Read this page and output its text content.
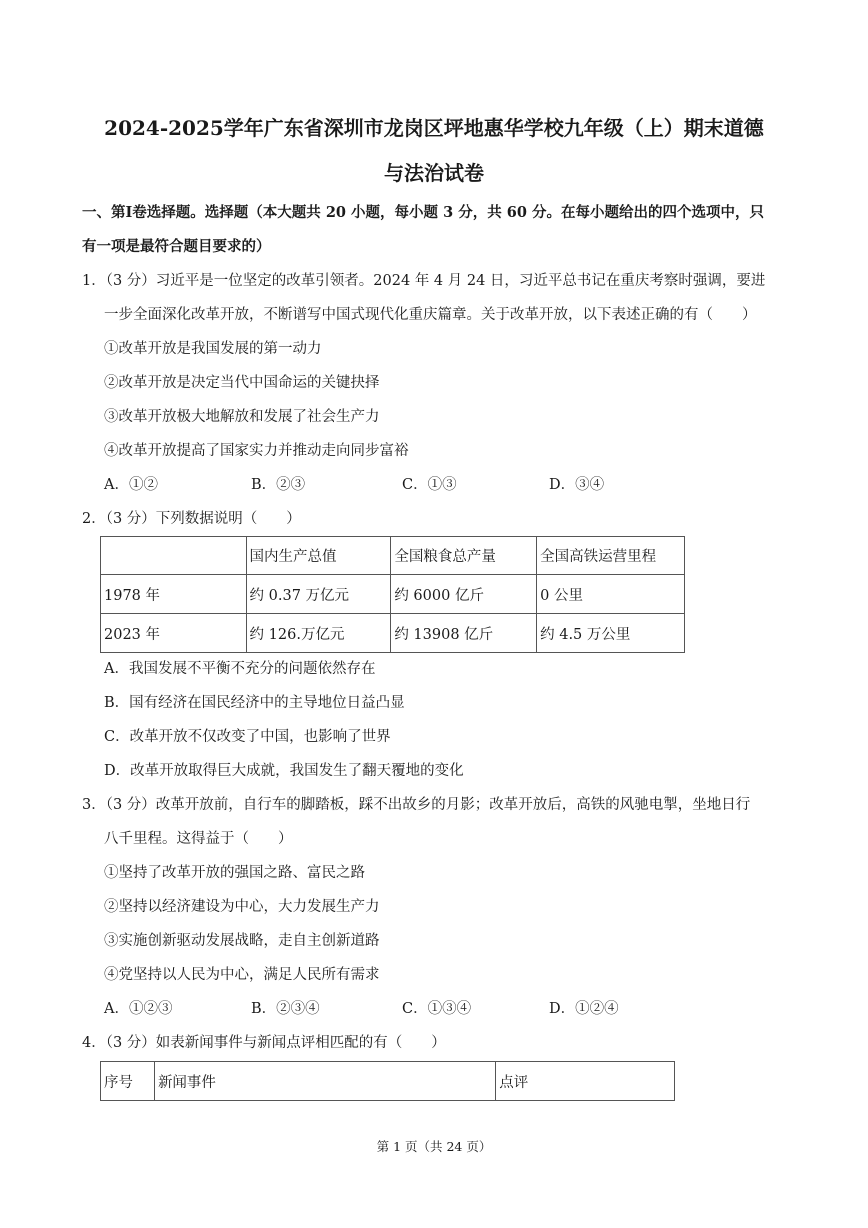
2024-2025学年广东省深圳市龙岗区坪地惠华学校九年级（上）期末道德
与法治试卷
一、第Ⅰ卷选择题。选择题（本大题共 20 小题，每小题 3 分，共 60 分。在每小题给出的四个选项中，只
有一项是最符合题目要求的）
1．（3 分）习近平是一位坚定的改革引领者。2024 年 4 月 24 日，习近平总书记在重庆考察时强调，要进
一步全面深化改革开放，不断谱写中国式现代化重庆篇章。关于改革开放，以下表述正确的有（　　）
①改革开放是我国发展的第一动力
②改革开放是决定当代中国命运的关键抉择
③改革开放极大地解放和发展了社会生产力
④改革开放提高了国家实力并推动走向同步富裕
A．①②	B．②③	C．①③	D．③④
2．（3 分）下列数据说明（　　）
	国内生产总值	全国粮食总产量	全国高铁运营里程
1978 年	约 0.37 万亿元	约 6000 亿斤	0 公里
2023 年	约 126.万亿元	约 13908 亿斤	约 4.5 万公里
A．我国发展不平衡不充分的问题依然存在
B．国有经济在国民经济中的主导地位日益凸显
C．改革开放不仅改变了中国，也影响了世界
D．改革开放取得巨大成就，我国发生了翻天覆地的变化
3．（3 分）改革开放前，自行车的脚踏板，踩不出故乡的月影；改革开放后，高铁的风驰电掣，坐地日行
八千里程。这得益于（　　）
①坚持了改革开放的强国之路、富民之路
②坚持以经济建设为中心，大力发展生产力
③实施创新驱动发展战略，走自主创新道路
④党坚持以人民为中心，满足人民所有需求
A．①②③	B．②③④	C．①③④	D．①②④
4．（3 分）如表新闻事件与新闻点评相匹配的有（　　）
序号	新闻事件	点评
第 1 页（共 24 页）
